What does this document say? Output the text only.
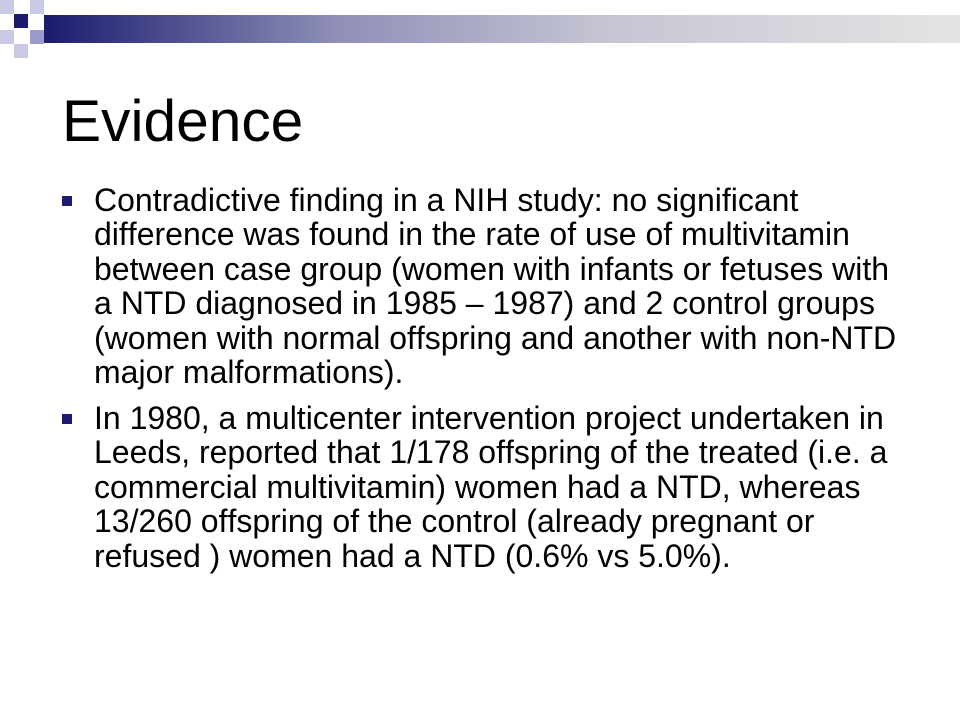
Evidence
Contradictive finding in a NIH study: no significant difference was found in the rate of use of multivitamin between case group (women with infants or fetuses with a NTD diagnosed in 1985 – 1987) and 2 control groups (women with normal offspring and another with non-NTD major malformations).
In 1980, a multicenter intervention project undertaken in Leeds, reported that 1/178 offspring of the treated (i.e. a commercial multivitamin) women had a NTD, whereas 13/260 offspring of the control (already pregnant or refused ) women had a NTD (0.6% vs 5.0%).
